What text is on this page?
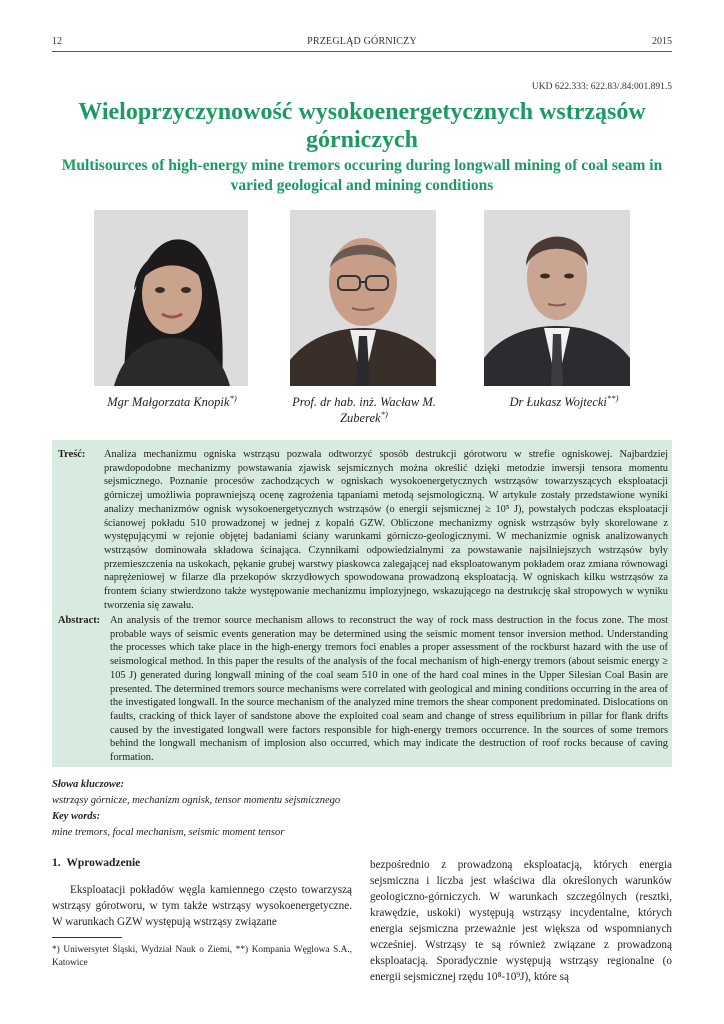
12	PRZEGLĄD GÓRNICZY	2015
UKD 622.333: 622.83/.84:001.891.5
Wieloprzyczynowość wysokoenergetycznych wstrząsów górniczych
Multisources of high-energy mine tremors occuring during longwall mining of coal seam in varied geological and mining conditions
Mgr Małgorzata Knopik*)	Prof. dr hab. inż. Wacław M. Zuberek*)
Dr Łukasz Wojtecki**)
Treść: Analiza mechanizmu ogniska wstrząsu pozwala odtworzyć sposób destrukcji górotworu w strefie ogniskowej. Najbardziej prawdopodobne mechanizmy powstawania zjawisk sejsmicznych można określić dzięki metodzie inwersji tensora momentu sejsmicznego. Poznanie procesów zachodzących w ogniskach wysokoenergetycznych wstrząsów towarzyszących eksploatacji górniczej umożliwia poprawniejszą ocenę zagrożenia tąpaniami metodą sejsmologiczną. W artykule zostały przedstawione wyniki analizy mechanizmów ognisk wysokoenergetycznych wstrząsów (o energii sejsmicznej ≥ 10⁵ J), powstałych podczas eksploatacji ścianowej pokładu 510 prowadzonej w jednej z kopalń GZW. Obliczone mechanizmy ognisk wstrząsów były skorelowane z występującymi w rejonie objętej badaniami ściany warunkami górniczo-geologicznymi. W mechanizmie ognisk analizowanych wstrząsów dominowała składowa ścinająca. Czynnikami odpowiedzialnymi za powstawanie najsilniejszych wstrząsów były przemieszczenia na uskokach, pękanie grubej warstwy piaskowca zalegającej nad eksploatowanym pokładem oraz zmiana równowagi naprężeniowej w filarze dla przekopów skrzydłowych spowodowana prowadzoną eksploatacją. W ogniskach kilku wstrząsów za frontem ściany stwierdzono także występowanie mechanizmu implozyjnego, wskazującego na destrukcję skał stropowych w wyniku tworzenia się zawału.
Abstract: An analysis of the tremor source mechanism allows to reconstruct the way of rock mass destruction in the focus zone. The most probable ways of seismic events generation may be determined using the seismic moment tensor inversion method. Understanding the processes which take place in the high-energy tremors foci enables a proper assessment of the rockburst hazard with the use of seismological method. In this paper the results of the analysis of the focal mechanism of high-energy tremors (about seismic energy ≥ 105 J) generated during longwall mining of the coal seam 510 in one of the hard coal mines in the Upper Silesian Coal Basin are presented. The determined tremors source mechanisms were correlated with geological and mining conditions occurring in the area of the investigated longwall. In the source mechanism of the analyzed mine tremors the shear component predominated. Dislocations on faults, cracking of thick layer of sandstone above the exploited coal seam and change of stress equilibrium in pillar for flank drifts caused by the investigated longwall were factors responsible for high-energy tremors occurrence. In the sources of some tremors behind the longwall mechanism of implosion also occurred, which may indicate the destruction of roof rocks because of caving formation.
Słowa kluczowe:
wstrząsy górnicze, mechanizm ognisk, tensor momentu sejsmicznego
Key words:
mine tremors, focal mechanism, seismic moment tensor
1. Wprowadzenie
Eksploatacji pokładów węgla kamiennego często towarzyszą wstrząsy górotworu, w tym także wstrząsy wysokoenergetyczne. W warunkach GZW występują wstrząsy związane
bezpośrednio z prowadzoną eksploatacją, których energia sejsmiczna i liczba jest właściwa dla określonych warunków geologiczno-górniczych. W warunkach szczególnych (resztki, krawędzie, uskoki) występują wstrząsy incydentalne, których energia sejsmiczna przeważnie jest większa od wspomnianych wcześniej. Wstrząsy te są również związane z prowadzoną eksploatacją. Sporadycznie występują wstrząsy regionalne (o energii sejsmicznej rzędu 10⁸-10⁹J), które są
*) Uniwersytet Śląski, Wydział Nauk o Ziemi, **) Kompania Węglowa S.A., Katowice
